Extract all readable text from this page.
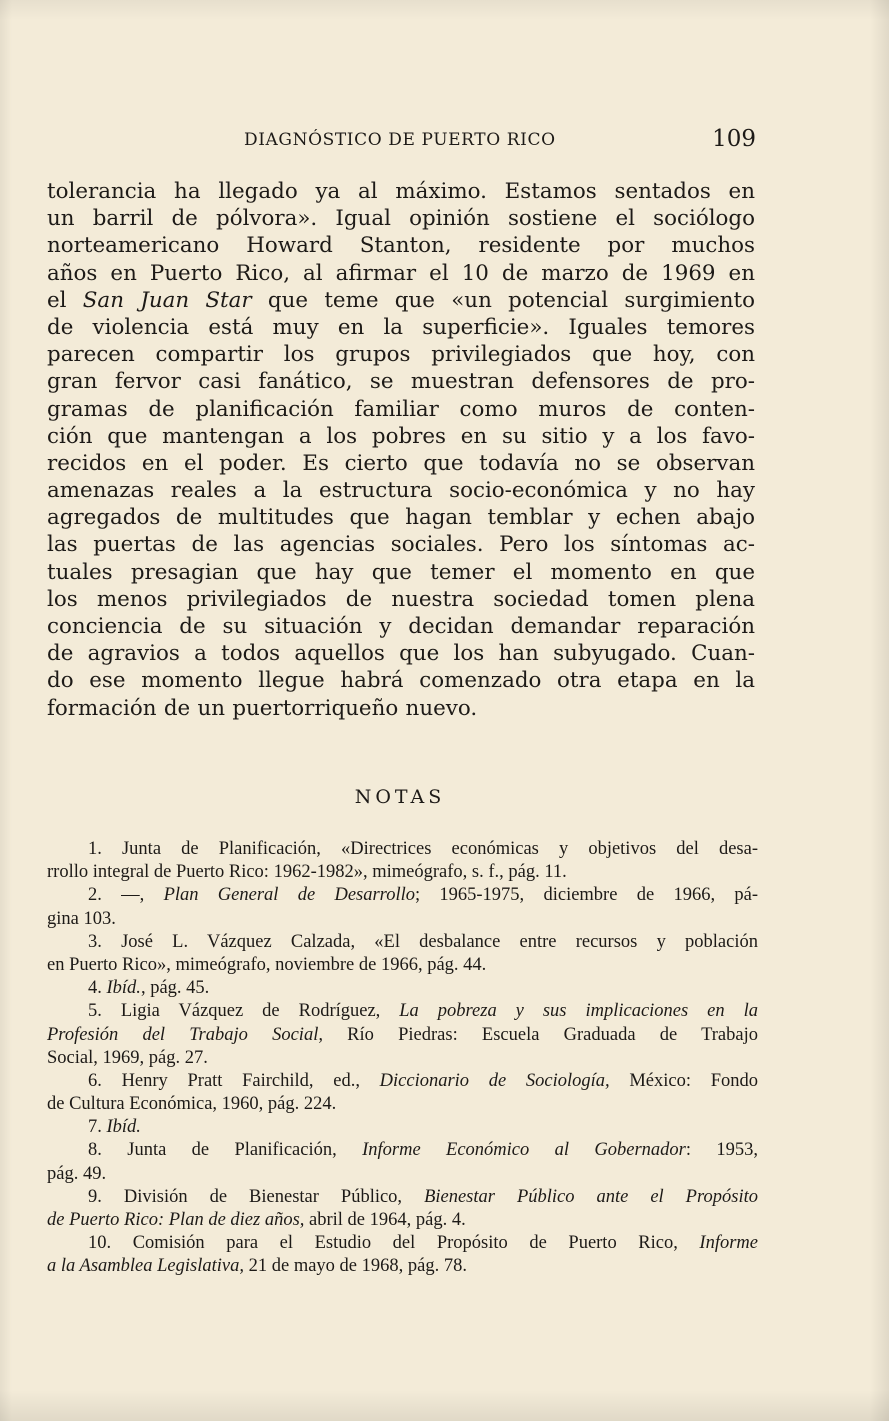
DIAGNÓSTICO DE PUERTO RICO	109
tolerancia ha llegado ya al máximo. Estamos sentados en
un barril de pólvora». Igual opinión sostiene el sociólogo
norteamericano Howard Stanton, residente por muchos
años en Puerto Rico, al afirmar el 10 de marzo de 1969 en
el San Juan Star que teme que «un potencial surgimiento
de violencia está muy en la superficie». Iguales temores
parecen compartir los grupos privilegiados que hoy, con
gran fervor casi fanático, se muestran defensores de pro-
gramas de planificación familiar como muros de conten-
ción que mantengan a los pobres en su sitio y a los favo-
recidos en el poder. Es cierto que todavía no se observan
amenazas reales a la estructura socio-económica y no hay
agregados de multitudes que hagan temblar y echen abajo
las puertas de las agencias sociales. Pero los síntomas ac-
tuales presagian que hay que temer el momento en que
los menos privilegiados de nuestra sociedad tomen plena
conciencia de su situación y decidan demandar reparación
de agravios a todos aquellos que los han subyugado. Cuan-
do ese momento llegue habrá comenzado otra etapa en la
formación de un puertorriqueño nuevo.
NOTAS
1. Junta de Planificación, «Directrices económicas y objetivos del desa-
rrollo integral de Puerto Rico: 1962-1982», mimeógrafo, s. f., pág. 11.
2. —, Plan General de Desarrollo; 1965-1975, diciembre de 1966, pá-
gina 103.
3. José L. Vázquez Calzada, «El desbalance entre recursos y población
en Puerto Rico», mimeógrafo, noviembre de 1966, pág. 44.
4. Ibíd., pág. 45.
5. Ligia Vázquez de Rodríguez, La pobreza y sus implicaciones en la
Profesión del Trabajo Social, Río Piedras: Escuela Graduada de Trabajo
Social, 1969, pág. 27.
6. Henry Pratt Fairchild, ed., Diccionario de Sociología, México: Fondo
de Cultura Económica, 1960, pág. 224.
7. Ibíd.
8. Junta de Planificación, Informe Económico al Gobernador: 1953,
pág. 49.
9. División de Bienestar Público, Bienestar Público ante el Propósito
de Puerto Rico: Plan de diez años, abril de 1964, pág. 4.
10. Comisión para el Estudio del Propósito de Puerto Rico, Informe
a la Asamblea Legislativa, 21 de mayo de 1968, pág. 78.
